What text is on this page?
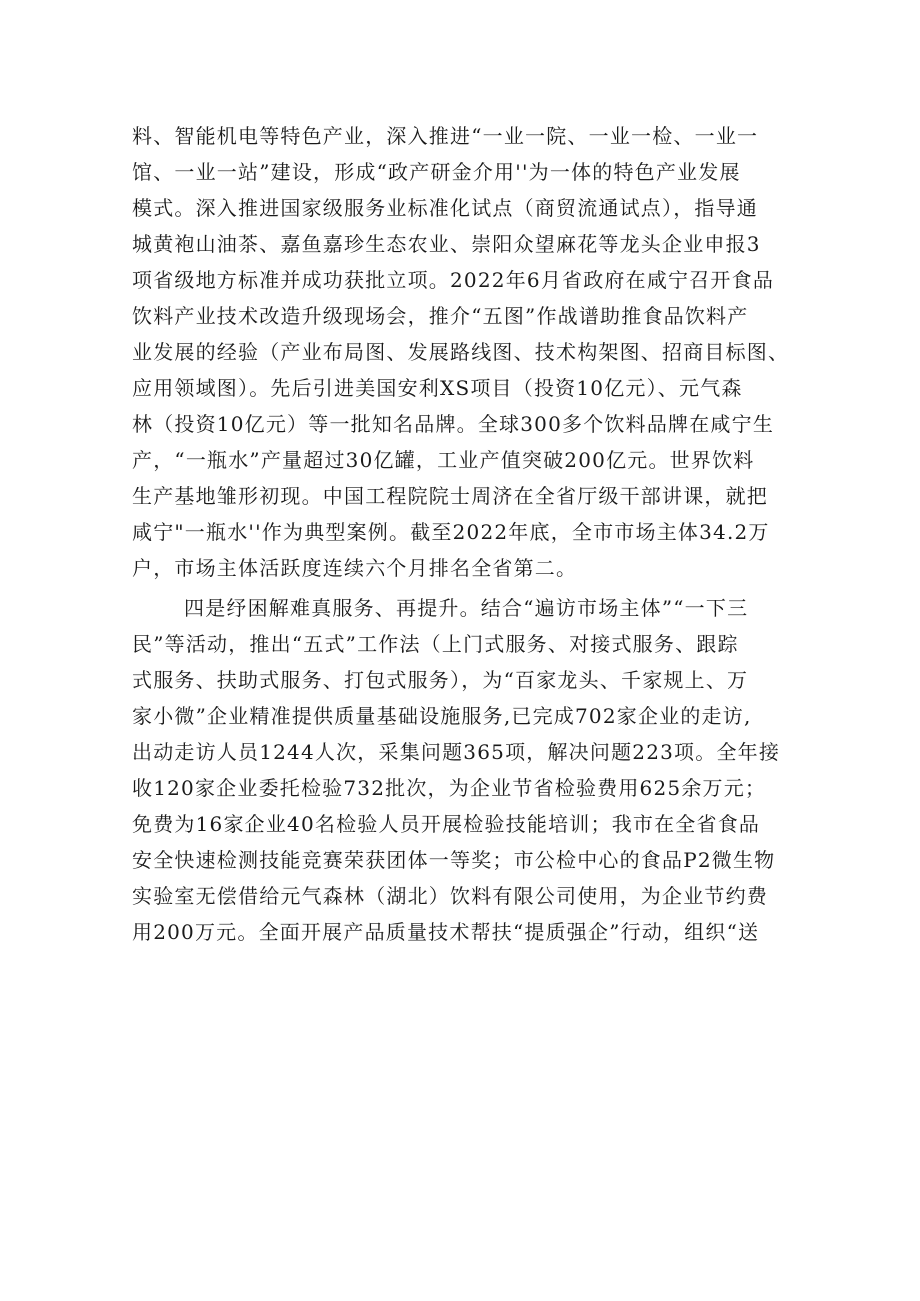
料、智能机电等特色产业，深入推进“一业一院、一业一检、一业一
馆、一业一站”建设，形成“政产研金介用''为一体的特色产业发展
模式。深入推进国家级服务业标准化试点（商贸流通试点），指导通
城黄袍山油茶、嘉鱼嘉珍生态农业、崇阳众望麻花等龙头企业申报3
项省级地方标准并成功获批立项。2022年6月省政府在咸宁召开食品
饮料产业技术改造升级现场会，推介“五图”作战谱助推食品饮料产
业发展的经验（产业布局图、发展路线图、技术构架图、招商目标图、
应用领域图）。先后引进美国安利XS项目（投资10亿元）、元气森
林（投资10亿元）等一批知名品牌。全球300多个饮料品牌在咸宁生
产，“一瓶水”产量超过30亿罐，工业产值突破200亿元。世界饮料
生产基地雏形初现。中国工程院院士周济在全省厅级干部讲课，就把
咸宁"一瓶水''作为典型案例。截至2022年底，全市市场主体34.2万
户，市场主体活跃度连续六个月排名全省第二。
四是纾困解难真服务、再提升。结合“遍访市场主体”“一下三
民”等活动，推出“五式”工作法（上门式服务、对接式服务、跟踪
式服务、扶助式服务、打包式服务），为“百家龙头、千家规上、万
家小微”企业精准提供质量基础设施服务,已完成702家企业的走访,
出动走访人员1244人次，采集问题365项，解决问题223项。全年接
收120家企业委托检验732批次，为企业节省检验费用625余万元；
免费为16家企业40名检验人员开展检验技能培训；我市在全省食品
安全快速检测技能竞赛荣获团体一等奖；市公检中心的食品P2微生物
实验室无偿借给元气森林（湖北）饮料有限公司使用，为企业节约费
用200万元。全面开展产品质量技术帮扶“提质强企”行动，组织“送
